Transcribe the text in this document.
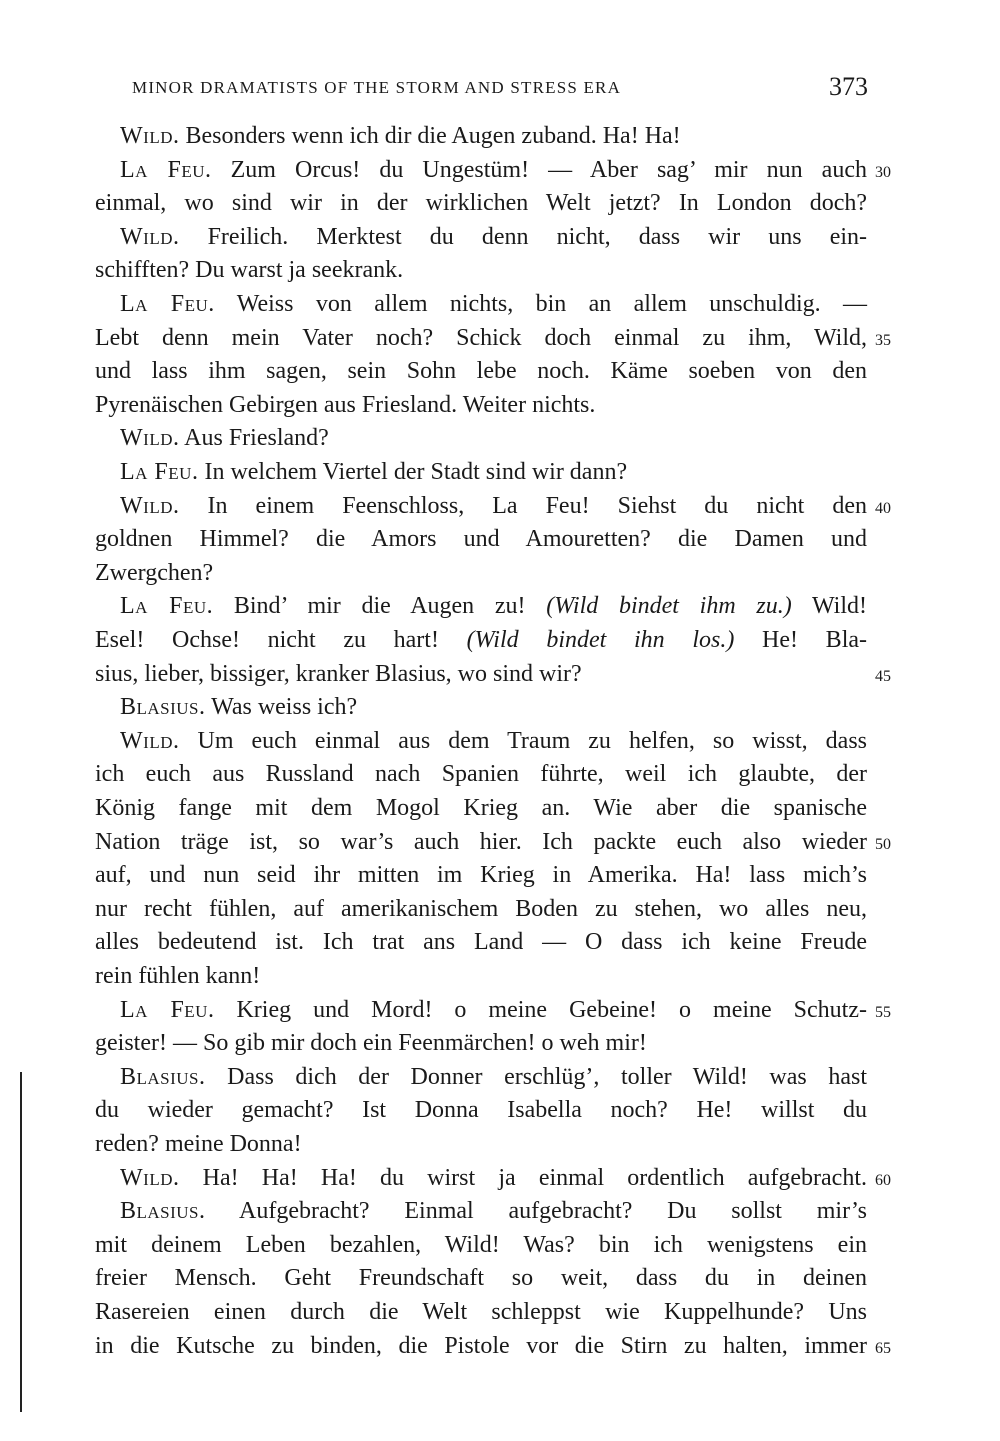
MINOR DRAMATISTS OF THE STORM AND STRESS ERA	373
Wild. Besonders wenn ich dir die Augen zuband. Ha! Ha!
La Feu. Zum Orcus! du Ungestüm! — Aber sag’ mir nun auch
einmal, wo sind wir in der wirklichen Welt jetzt? In London doch?
Wild. Freilich. Merktest du denn nicht, dass wir uns ein-
schifften? Du warst ja seekrank.
La Feu. Weiss von allem nichts, bin an allem unschuldig. —
Lebt denn mein Vater noch? Schick doch einmal zu ihm, Wild,
und lass ihm sagen, sein Sohn lebe noch. Käme soeben von den
Pyrenäischen Gebirgen aus Friesland. Weiter nichts.
Wild. Aus Friesland?
La Feu. In welchem Viertel der Stadt sind wir dann?
Wild. In einem Feenschloss, La Feu! Siehst du nicht den
goldnen Himmel? die Amors und Amouretten? die Damen und
Zwergchen?
La Feu. Bind’ mir die Augen zu! (Wild bindet ihm zu.) Wild!
Esel! Ochse! nicht zu hart! (Wild bindet ihn los.) He! Bla-
sius, lieber, bissiger, kranker Blasius, wo sind wir?
Blasius. Was weiss ich?
Wild. Um euch einmal aus dem Traum zu helfen, so wisst, dass
ich euch aus Russland nach Spanien führte, weil ich glaubte, der
König fange mit dem Mogol Krieg an. Wie aber die spanische
Nation träge ist, so war’s auch hier. Ich packte euch also wieder
auf, und nun seid ihr mitten im Krieg in Amerika. Ha! lass mich’s
nur recht fühlen, auf amerikanischem Boden zu stehen, wo alles neu,
alles bedeutend ist. Ich trat ans Land — O dass ich keine Freude
rein fühlen kann!
La Feu. Krieg und Mord! o meine Gebeine! o meine Schutz-
geister! — So gib mir doch ein Feenmärchen! o weh mir!
Blasius. Dass dich der Donner erschlüg’, toller Wild! was hast
du wieder gemacht? Ist Donna Isabella noch? He! willst du
reden? meine Donna!
Wild. Ha! Ha! Ha! du wirst ja einmal ordentlich aufgebracht.
Blasius. Aufgebracht? Einmal aufgebracht? Du sollst mir’s
mit deinem Leben bezahlen, Wild! Was? bin ich wenigstens ein
freier Mensch. Geht Freundschaft so weit, dass du in deinen
Rasereien einen durch die Welt schleppst wie Kuppelhunde? Uns
in die Kutsche zu binden, die Pistole vor die Stirn zu halten, immer
30
35
40
45
50
55
60
65
